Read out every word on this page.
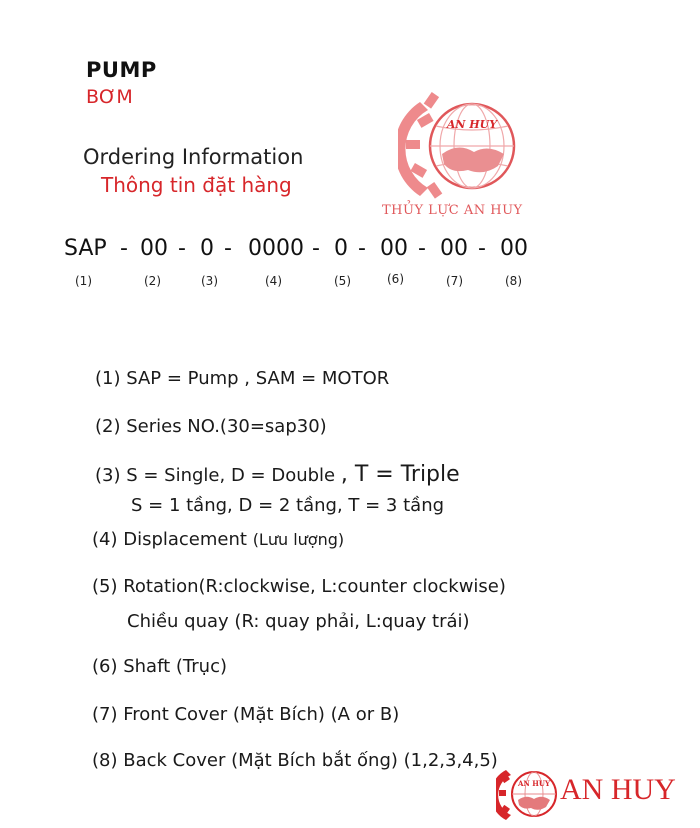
PUMP
BƠM
Ordering Information
Thông tin đặt hàng
AN HUY
THỦY LỰC AN HUY
SAP - 00 - 0 - 0000 - 0 - 00 - 00 - 00
(1)	(2)	(3)	(4)	(5)	(6)	(7)	(8)
(1) SAP = Pump , SAM = MOTOR
(2) Series NO.(30=sap30)
(3) S = Single, D = Double , T = Triple
S = 1 tầng, D = 2 tầng, T = 3 tầng
(4) Displacement (Lưu lượng)
(5) Rotation(R:clockwise, L:counter clockwise)
Chiều quay (R: quay phải, L:quay trái)
(6) Shaft (Trục)
(7) Front Cover (Mặt Bích) (A or B)
(8) Back Cover (Mặt Bích bắt ống) (1,2,3,4,5)
AN HUY AN HUY
